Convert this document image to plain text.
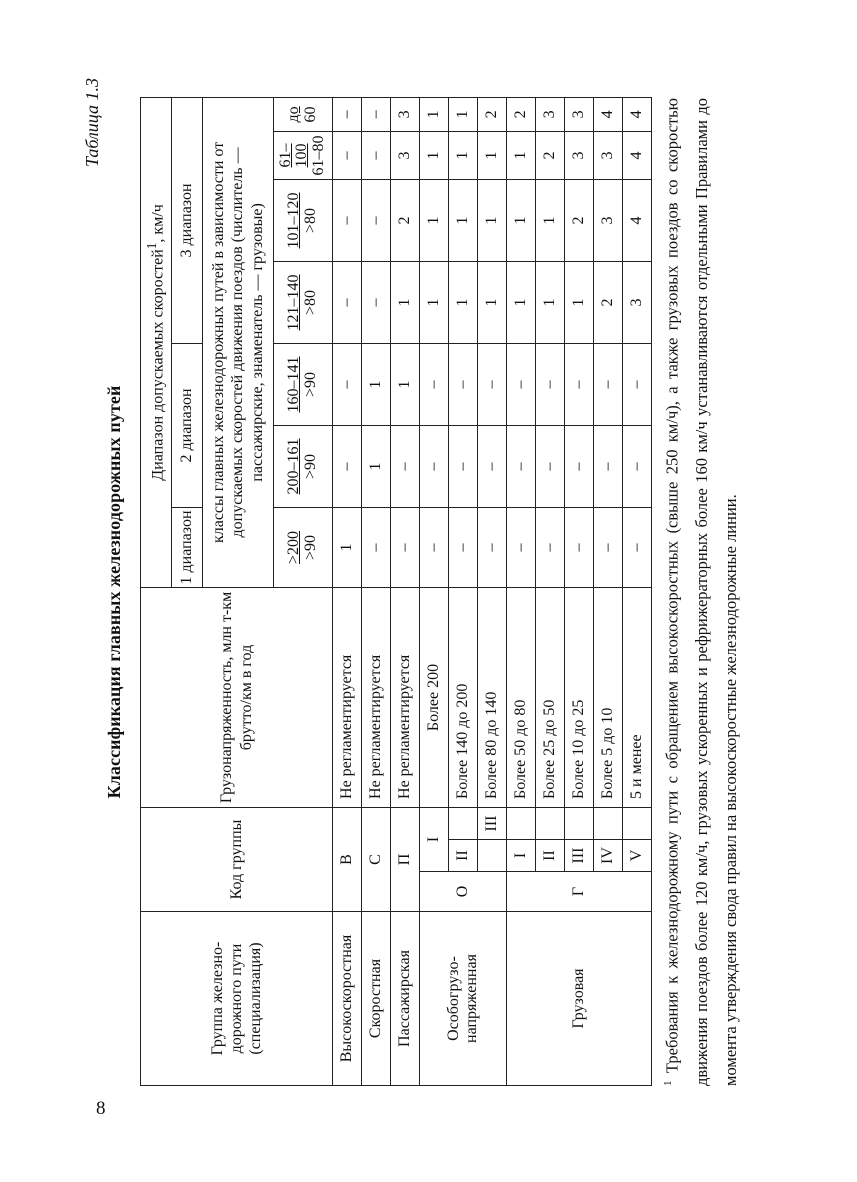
8
Таблица 1.3
Классификация главных железнодорожных путей
Группа железно-дорожного пути (специализация)	Код группы			Грузонапряженность, млн т-км брутто/км в год	Диапазон допускаемых скоростей$^1$, км/ч						
					1 диапазон	2 диапазон		3 диапазон			
					классы главных железнодорожных путей в зависимости от допускаемых скоростей движения поездов (числитель — пассажирские, знаменатель — грузовые)						

					>200 >90	200–161 >90	160–141 >90	121–140 >80	101–120 >80	61–100 61–80	до 60

Высокоскоростная	В			Не регламентируется	1	–	–	–	–	–	–
Скоростная	С			Не регламентируется	–	1	1	–	–	–	–
Пассажирская	П			Не регламентируется	–	–	1	1	2	3	3
Особогрузо-напряженная	О	I		Более 200	–	–	–	1	1	1	1
		II		Более 140 до 200	–	–	–	1	1	1	1
			III	Более 80 до 140	–	–	–	1	1	1	2
Грузовая	Г	I		Более 50 до 80	–	–	–	1	1	1	2
		II		Более 25 до 50	–	–	–	1	1	2	3
		III		Более 10 до 25	–	–	–	1	2	3	3
		IV		Более 5 до 10	–	–	–	2	3	3	4
		V		5 и менее	–	–	–	3	4	4	4
$^1$ Требования к железнодорожному пути с обращением высокоскоростных (свыше 250 км/ч), а также грузовых поездов со скоростью движения поездов более 120 км/ч, грузовых ускоренных и рефрижераторных более 160 км/ч устанавливаются отдельными Правилами до момента утверждения свода правил на высокоскоростные железнодорожные линии.
